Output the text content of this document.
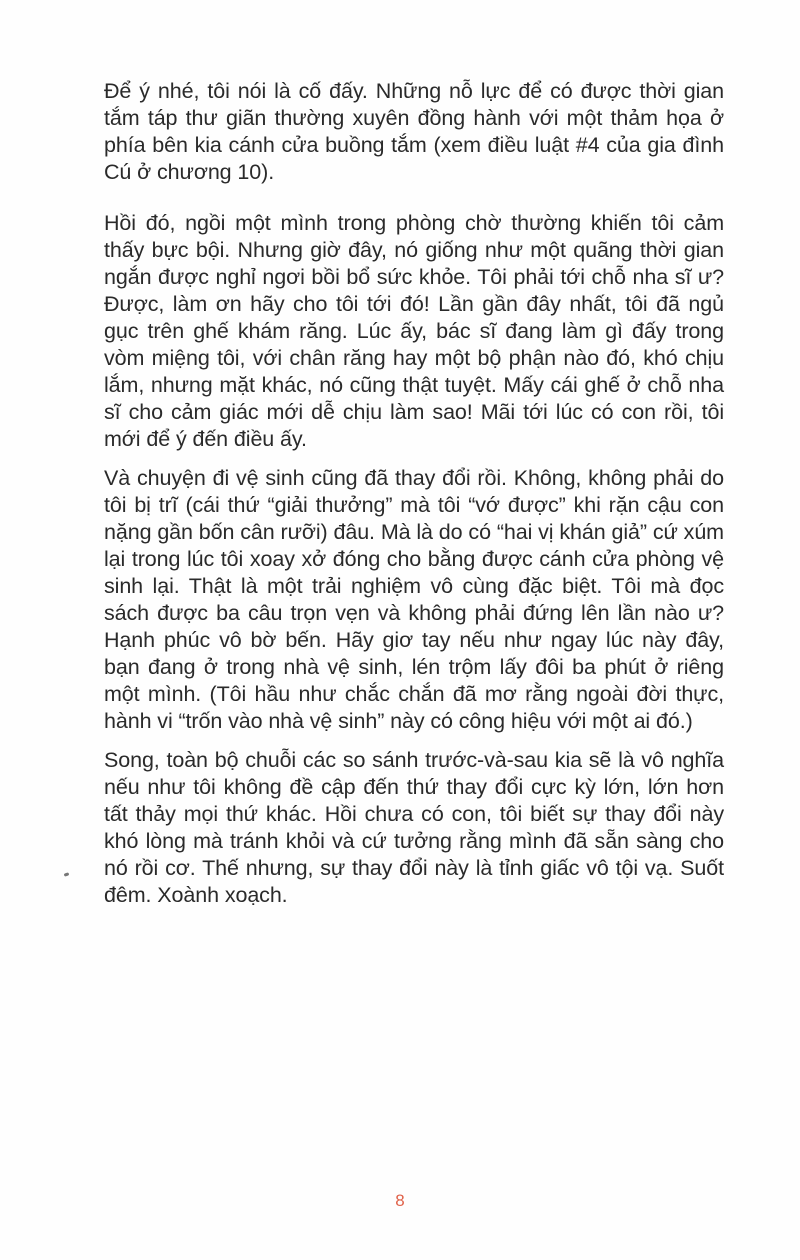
Để ý nhé, tôi nói là cố đấy. Những nỗ lực để có được thời gian tắm táp thư giãn thường xuyên đồng hành với một thảm họa ở phía bên kia cánh cửa buồng tắm (xem điều luật #4 của gia đình Cú ở chương 10).

Hồi đó, ngồi một mình trong phòng chờ thường khiến tôi cảm thấy bực bội. Nhưng giờ đây, nó giống như một quãng thời gian ngắn được nghỉ ngơi bồi bổ sức khỏe. Tôi phải tới chỗ nha sĩ ư? Được, làm ơn hãy cho tôi tới đó! Lần gần đây nhất, tôi đã ngủ gục trên ghế khám răng. Lúc ấy, bác sĩ đang làm gì đấy trong vòm miệng tôi, với chân răng hay một bộ phận nào đó, khó chịu lắm, nhưng mặt khác, nó cũng thật tuyệt. Mấy cái ghế ở chỗ nha sĩ cho cảm giác mới dễ chịu làm sao! Mãi tới lúc có con rồi, tôi mới để ý đến điều ấy.

Và chuyện đi vệ sinh cũng đã thay đổi rồi. Không, không phải do tôi bị trĩ (cái thứ “giải thưởng” mà tôi “vớ được” khi rặn cậu con nặng gần bốn cân rưỡi) đâu. Mà là do có “hai vị khán giả” cứ xúm lại trong lúc tôi xoay xở đóng cho bằng được cánh cửa phòng vệ sinh lại. Thật là một trải nghiệm vô cùng đặc biệt. Tôi mà đọc sách được ba câu trọn vẹn và không phải đứng lên lần nào ư? Hạnh phúc vô bờ bến. Hãy giơ tay nếu như ngay lúc này đây, bạn đang ở trong nhà vệ sinh, lén trộm lấy đôi ba phút ở riêng một mình. (Tôi hầu như chắc chắn đã mơ rằng ngoài đời thực, hành vi “trốn vào nhà vệ sinh” này có công hiệu với một ai đó.)

Song, toàn bộ chuỗi các so sánh trước-và-sau kia sẽ là vô nghĩa nếu như tôi không đề cập đến thứ thay đổi cực kỳ lớn, lớn hơn tất thảy mọi thứ khác. Hồi chưa có con, tôi biết sự thay đổi này khó lòng mà tránh khỏi và cứ tưởng rằng mình đã sẵn sàng cho nó rồi cơ. Thế nhưng, sự thay đổi này là tỉnh giấc vô tội vạ. Suốt đêm. Xoành xoạch.

8
